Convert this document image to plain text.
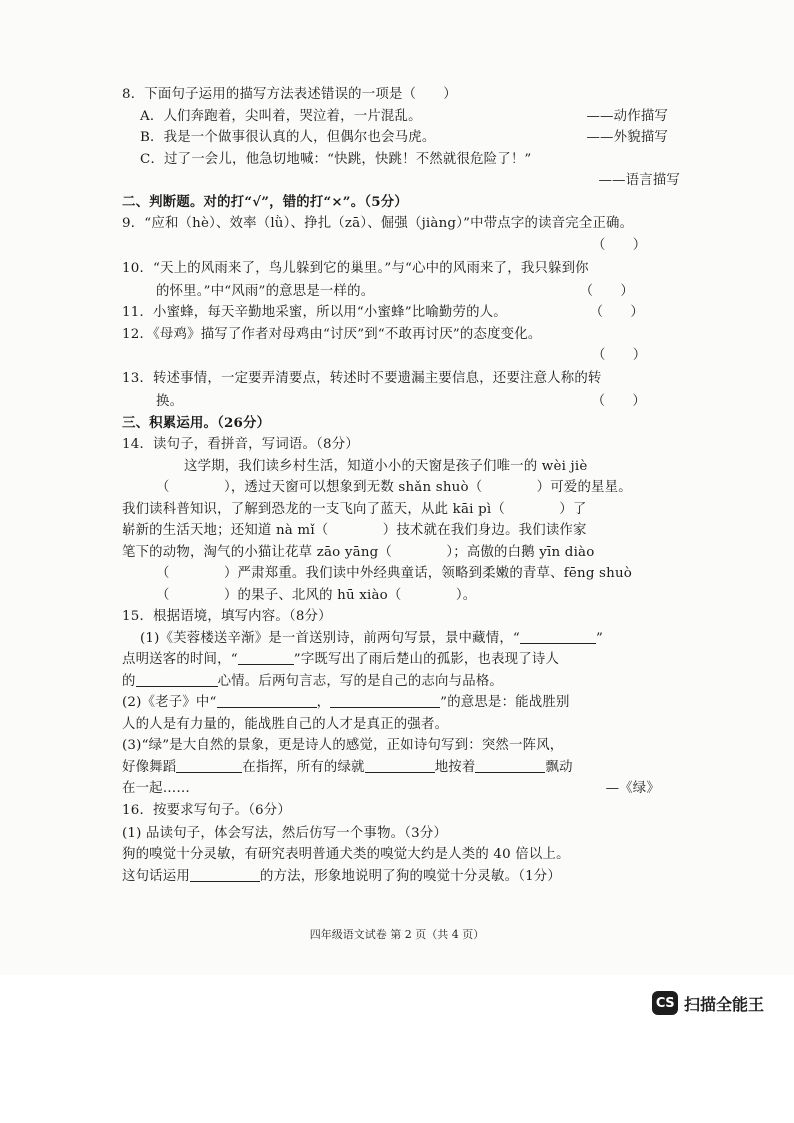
8．下面句子运用的描写方法表述错误的一项是（　　）
A．人们奔跑着，尖叫着，哭泣着，一片混乱。	——动作描写
B．我是一个做事很认真的人，但偶尔也会马虎。	——外貌描写
C．过了一会儿，他急切地喊：“快跳，快跳！不然就很危险了！”

——语言描写
二、判断题。对的打“√”，错的打“×”。（5分）
9．“应和（hè）、效率（lǜ）、挣扎（zā）、倔强（jiàng）”中带点字的读音完全正确。
（　　）
10．“天上的风雨来了，鸟儿躲到它的巢里。”与“心中的风雨来了，我只躲到你
的怀里。”中“风雨”的意思是一样的。	（　　）
11．小蜜蜂，每天辛勤地采蜜，所以用“小蜜蜂”比喻勤劳的人。	（　　）
12．《母鸡》描写了作者对母鸡由“讨厌”到“不敢再讨厌”的态度变化。
（　　）
13．转述事情，一定要弄清要点，转述时不要遗漏主要信息，还要注意人称的转
换。	（　　）
三、积累运用。（26分）
14．读句子，看拼音，写词语。（8分）
这学期，我们读乡村生活，知道小小的天窗是孩子们唯一的 wèi jiè
（　　　　），透过天窗可以想象到无数 shǎn shuò（　　　　）可爱的星星。
我们读科普知识，了解到恐龙的一支飞向了蓝天，从此 kāi pì（　　　　）了
崭新的生活天地；还知道 nà mǐ（　　　　）技术就在我们身边。我们读作家
笔下的动物，淘气的小猫让花草 zāo yāng（　　　　）；高傲的白鹅 yīn diào
（　　　　）严肃郑重。我们读中外经典童话，领略到柔嫩的青草、fēng shuò
（　　　　）的果子、北风的 hū xiào（　　　　）。
15．根据语境，填写内容。（8分）
(1)《芙蓉楼送辛渐》是一首送别诗，前两句写景，景中藏情，“	”
点明送客的时间，“	”字既写出了雨后楚山的孤影，也表现了诗人
的	心情。后两句言志，写的是自己的志向与品格。
(2)《老子》中“	，	”的意思是：能战胜别
人的人是有力量的，能战胜自己的人才是真正的强者。
(3)“绿”是大自然的景象，更是诗人的感觉，正如诗句写到：突然一阵风，
好像舞蹈	在指挥，所有的绿就	地按着	飘动
在一起……	—《绿》
16．按要求写句子。（6分）
(1) 品读句子，体会写法，然后仿写一个事物。（3分）
狗的嗅觉十分灵敏，有研究表明普通犬类的嗅觉大约是人类的 40 倍以上。
这句话运用	的方法，形象地说明了狗的嗅觉十分灵敏。（1分）
四年级语文试卷 第 2 页（共 4 页）
CS 扫描全能王
